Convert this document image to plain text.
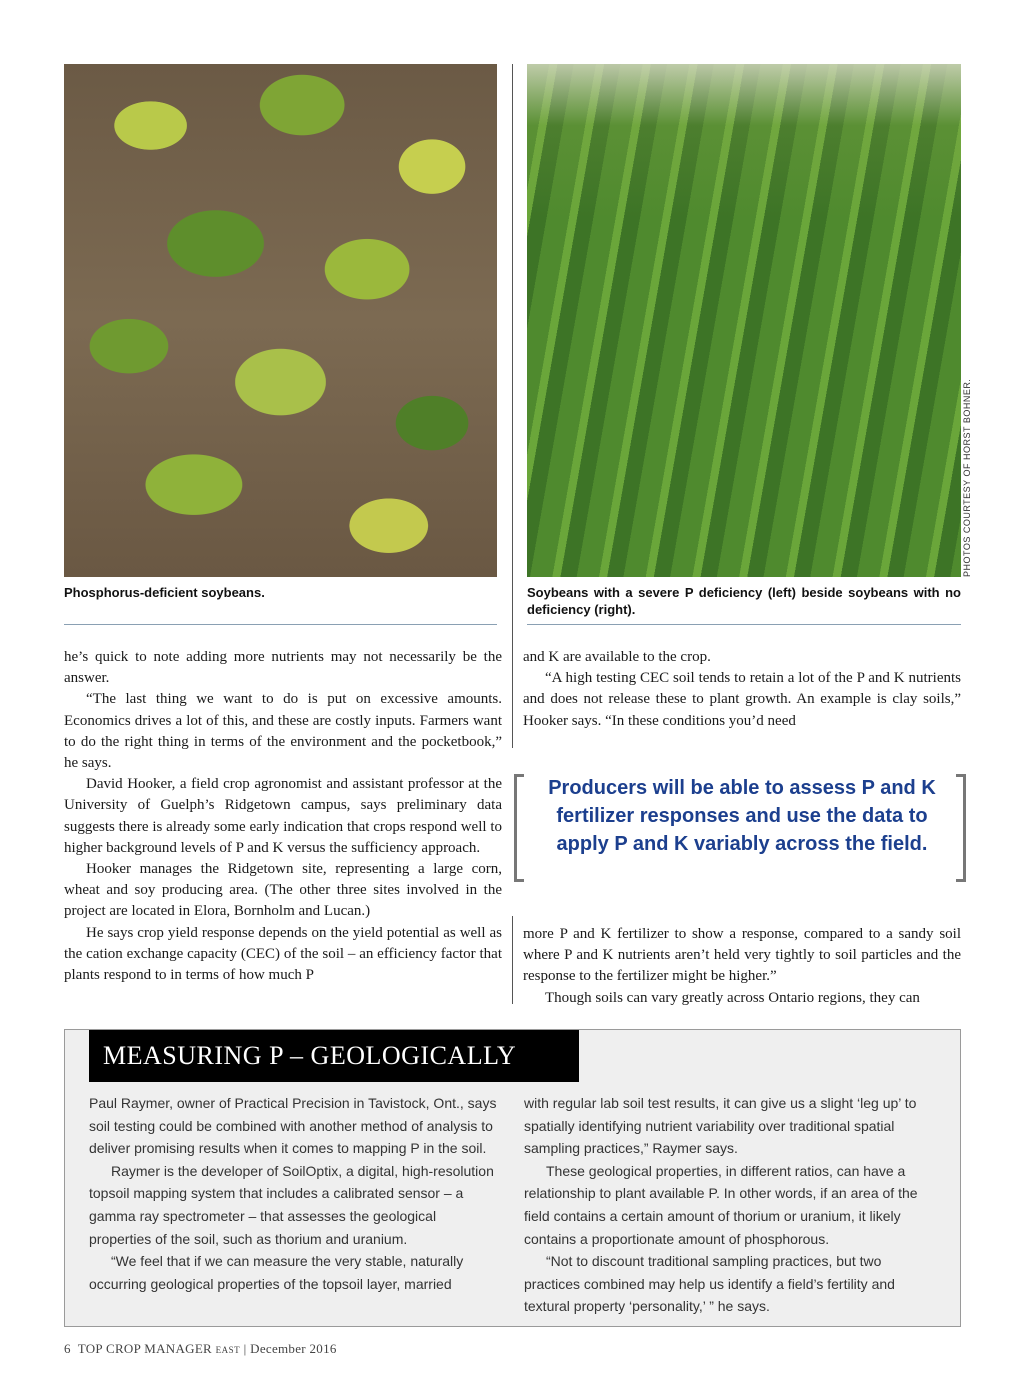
PHOTOS COURTESY OF HORST BOHNER.
Phosphorus-deficient soybeans.	Soybeans with a severe P deficiency (left) beside soybeans with no deficiency (right).

he’s quick to note adding more nutrients may not necessarily be the answer.

“The last thing we want to do is put on excessive amounts. Economics drives a lot of this, and these are costly inputs. Farmers want to do the right thing in terms of the environment and the pocketbook,” he says.

David Hooker, a field crop agronomist and assistant professor at the University of Guelph’s Ridgetown campus, says preliminary data suggests there is already some early indication that crops respond well to higher background levels of P and K versus the sufficiency approach.

Hooker manages the Ridgetown site, representing a large corn, wheat and soy producing area. (The other three sites involved in the project are located in Elora, Bornholm and Lucan.)

He says crop yield response depends on the yield potential as well as the cation exchange capacity (CEC) of the soil – an efficiency factor that plants respond to in terms of how much P

and K are available to the crop.

“A high testing CEC soil tends to retain a lot of the P and K nutrients and does not release these to plant growth. An example is clay soils,” Hooker says. “In these conditions you’d need

Producers will be able to assess P and K fertilizer responses and use the data to apply P and K variably across the field.

more P and K fertilizer to show a response, compared to a sandy soil where P and K nutrients aren’t held very tightly to soil particles and the response to the fertilizer might be higher.”

Though soils can vary greatly across Ontario regions, they can

MEASURING P – GEOLOGICALLY

Paul Raymer, owner of Practical Precision in Tavistock, Ont., says soil testing could be combined with another method of analysis to deliver promising results when it comes to mapping P in the soil.

Raymer is the developer of SoilOptix, a digital, high-resolution topsoil mapping system that includes a calibrated sensor – a gamma ray spectrometer – that assesses the geological properties of the soil, such as thorium and uranium.

“We feel that if we can measure the very stable, naturally occurring geological properties of the topsoil layer, married

with regular lab soil test results, it can give us a slight ‘leg up’ to spatially identifying nutrient variability over traditional spatial sampling practices,” Raymer says.

These geological properties, in different ratios, can have a relationship to plant available P. In other words, if an area of the field contains a certain amount of thorium or uranium, it likely contains a proportionate amount of phosphorous.

“Not to discount traditional sampling practices, but two practices combined may help us identify a field’s fertility and textural property ‘personality,’ ” he says.

6 TOP CROP MANAGER EAST | December 2016
